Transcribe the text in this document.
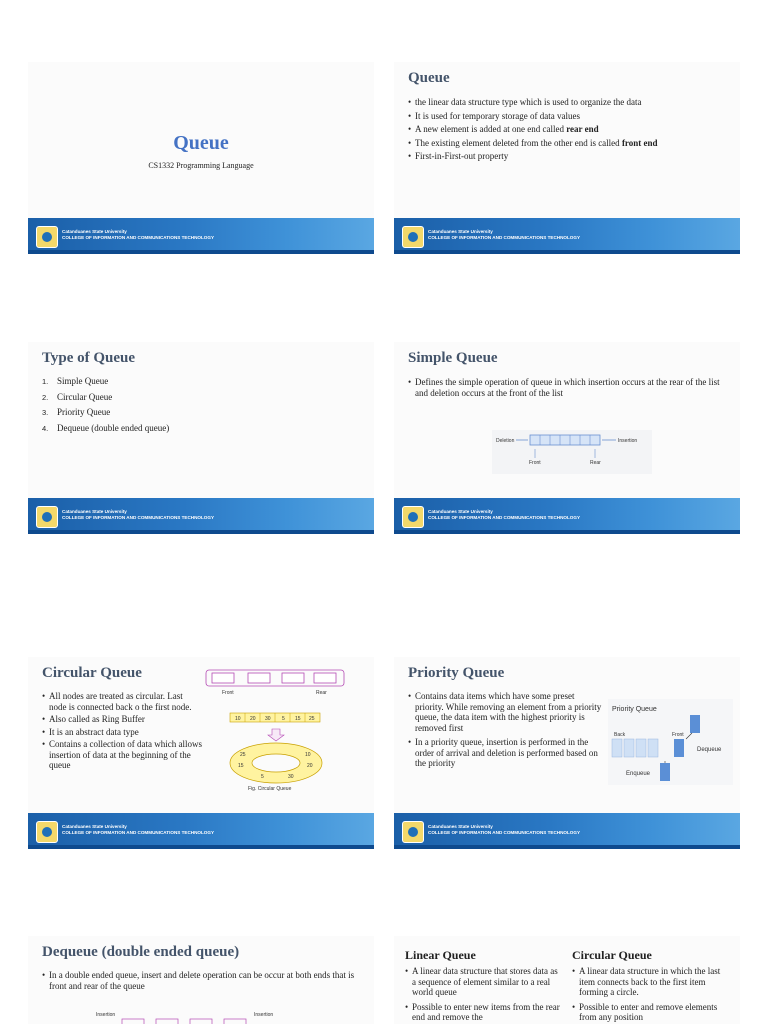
Queue
CS1332 Programming Language
Catanduanes State University
COLLEGE OF INFORMATION AND COMMUNICATIONS TECHNOLOGY
Queue
• the linear data structure type which is used to organize the data
• It is used for temporary storage of data values
• A new element is added at one end called rear end
• The existing element deleted from the other end is called front end
• First-in-First-out property
Catanduanes State University
COLLEGE OF INFORMATION AND COMMUNICATIONS TECHNOLOGY
Type of Queue
1. Simple Queue
2. Circular Queue
3. Priority Queue
4. Dequeue (double ended queue)
Catanduanes State University
COLLEGE OF INFORMATION AND COMMUNICATIONS TECHNOLOGY
Simple Queue
• Defines the simple operation of queue in which insertion occurs at the rear of the list and deletion occurs at the front of the list
Deletion	Insertion
Front	Rear
Catanduanes State University
COLLEGE OF INFORMATION AND COMMUNICATIONS TECHNOLOGY
Circular Queue
• All nodes are treated as circular. Last node is connected back o the first node.
• Also called as Ring Buffer
• It is an abstract data type
• Contains a collection of data which allows insertion of data at the beginning of the queue
Front	Rear
10 20 30 5 15 25
25	10
15	20
5	30
Fig. Circular Queue
Catanduanes State University
COLLEGE OF INFORMATION AND COMMUNICATIONS TECHNOLOGY
Priority Queue
• Contains data items which have some preset priority. While removing an element from a priority queue, the data item with the highest priority is removed first
• In a priority queue, insertion is performed in the order of arrival and deletion is performed based on the priority
Priority Queue
Back	Front
Dequeue
Enqueue
Catanduanes State University
COLLEGE OF INFORMATION AND COMMUNICATIONS TECHNOLOGY
Dequeue (double ended queue)
• In a double ended queue, insert and delete operation can be occur at both ends that is front and rear of the queue
Insertion	Insertion
Linear Queue	Circular Queue
• A linear data structure that stores data as a sequence of element similar to a real world queue
• Possible to enter new items from the rear end and remove the
• A linear data structure in which the last item connects back to the first item forming a circle.
• Possible to enter and remove elements from any position
